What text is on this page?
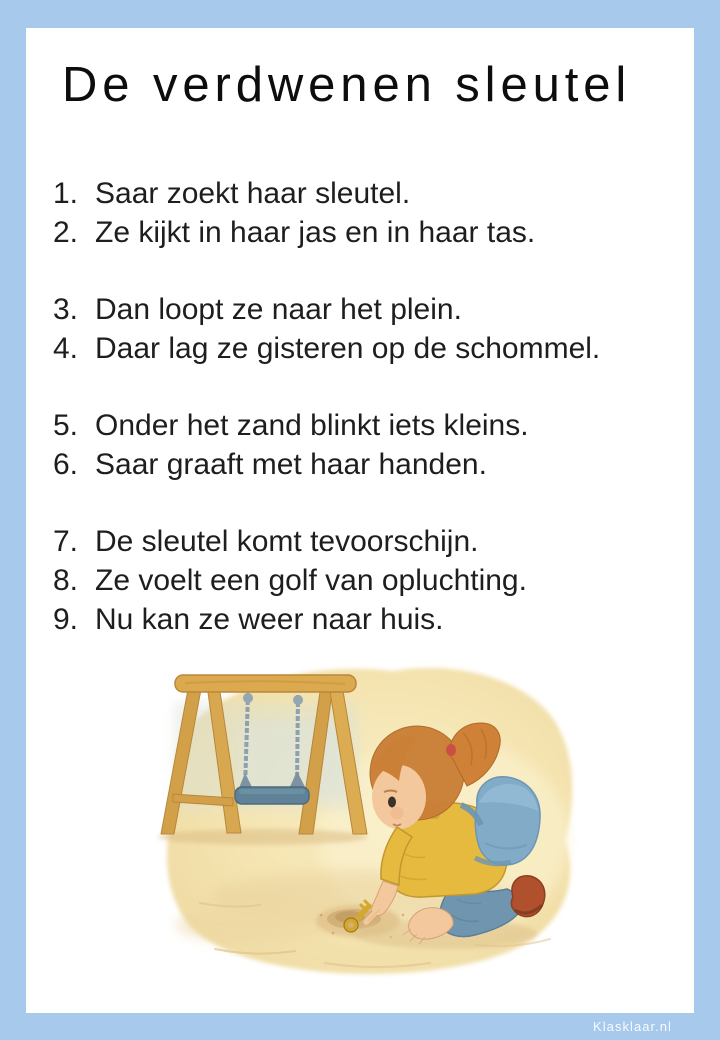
De verdwenen sleutel
1. Saar zoekt haar sleutel.
2. Ze kijkt in haar jas en in haar tas.
3. Dan loopt ze naar het plein.
4. Daar lag ze gisteren op de schommel.
5. Onder het zand blinkt iets kleins.
6. Saar graaft met haar handen.
7. De sleutel komt tevoorschijn.
8. Ze voelt een golf van opluchting.
9. Nu kan ze weer naar huis.
Klasklaar.nl
